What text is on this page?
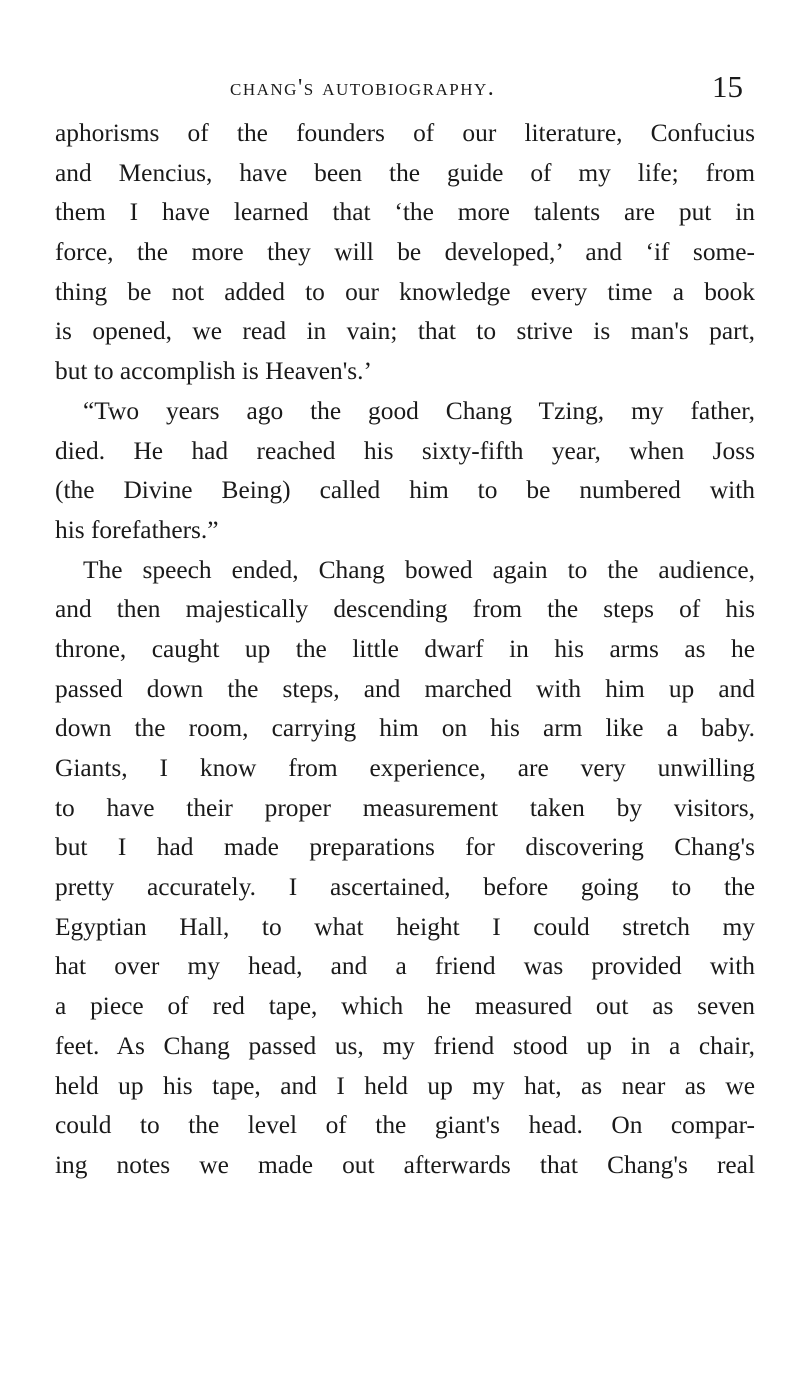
chang's autobiography.	15

aphorisms of the founders of our literature, Confucius
and Mencius, have been the guide of my life; from
them I have learned that ‘the more talents are put in
force, the more they will be developed,’ and ‘if some-
thing be not added to our knowledge every time a book
is opened, we read in vain; that to strive is man's part,
but to accomplish is Heaven's.’

“Two years ago the good Chang Tzing, my father,
died. He had reached his sixty-fifth year, when Joss
(the Divine Being) called him to be numbered with
his forefathers.”

The speech ended, Chang bowed again to the audience,
and then majestically descending from the steps of his
throne, caught up the little dwarf in his arms as he
passed down the steps, and marched with him up and
down the room, carrying him on his arm like a baby.
Giants, I know from experience, are very unwilling
to have their proper measurement taken by visitors,
but I had made preparations for discovering Chang's
pretty accurately. I ascertained, before going to the
Egyptian Hall, to what height I could stretch my
hat over my head, and a friend was provided with
a piece of red tape, which he measured out as seven
feet. As Chang passed us, my friend stood up in a chair,
held up his tape, and I held up my hat, as near as we
could to the level of the giant's head. On compar-
ing notes we made out afterwards that Chang's real
